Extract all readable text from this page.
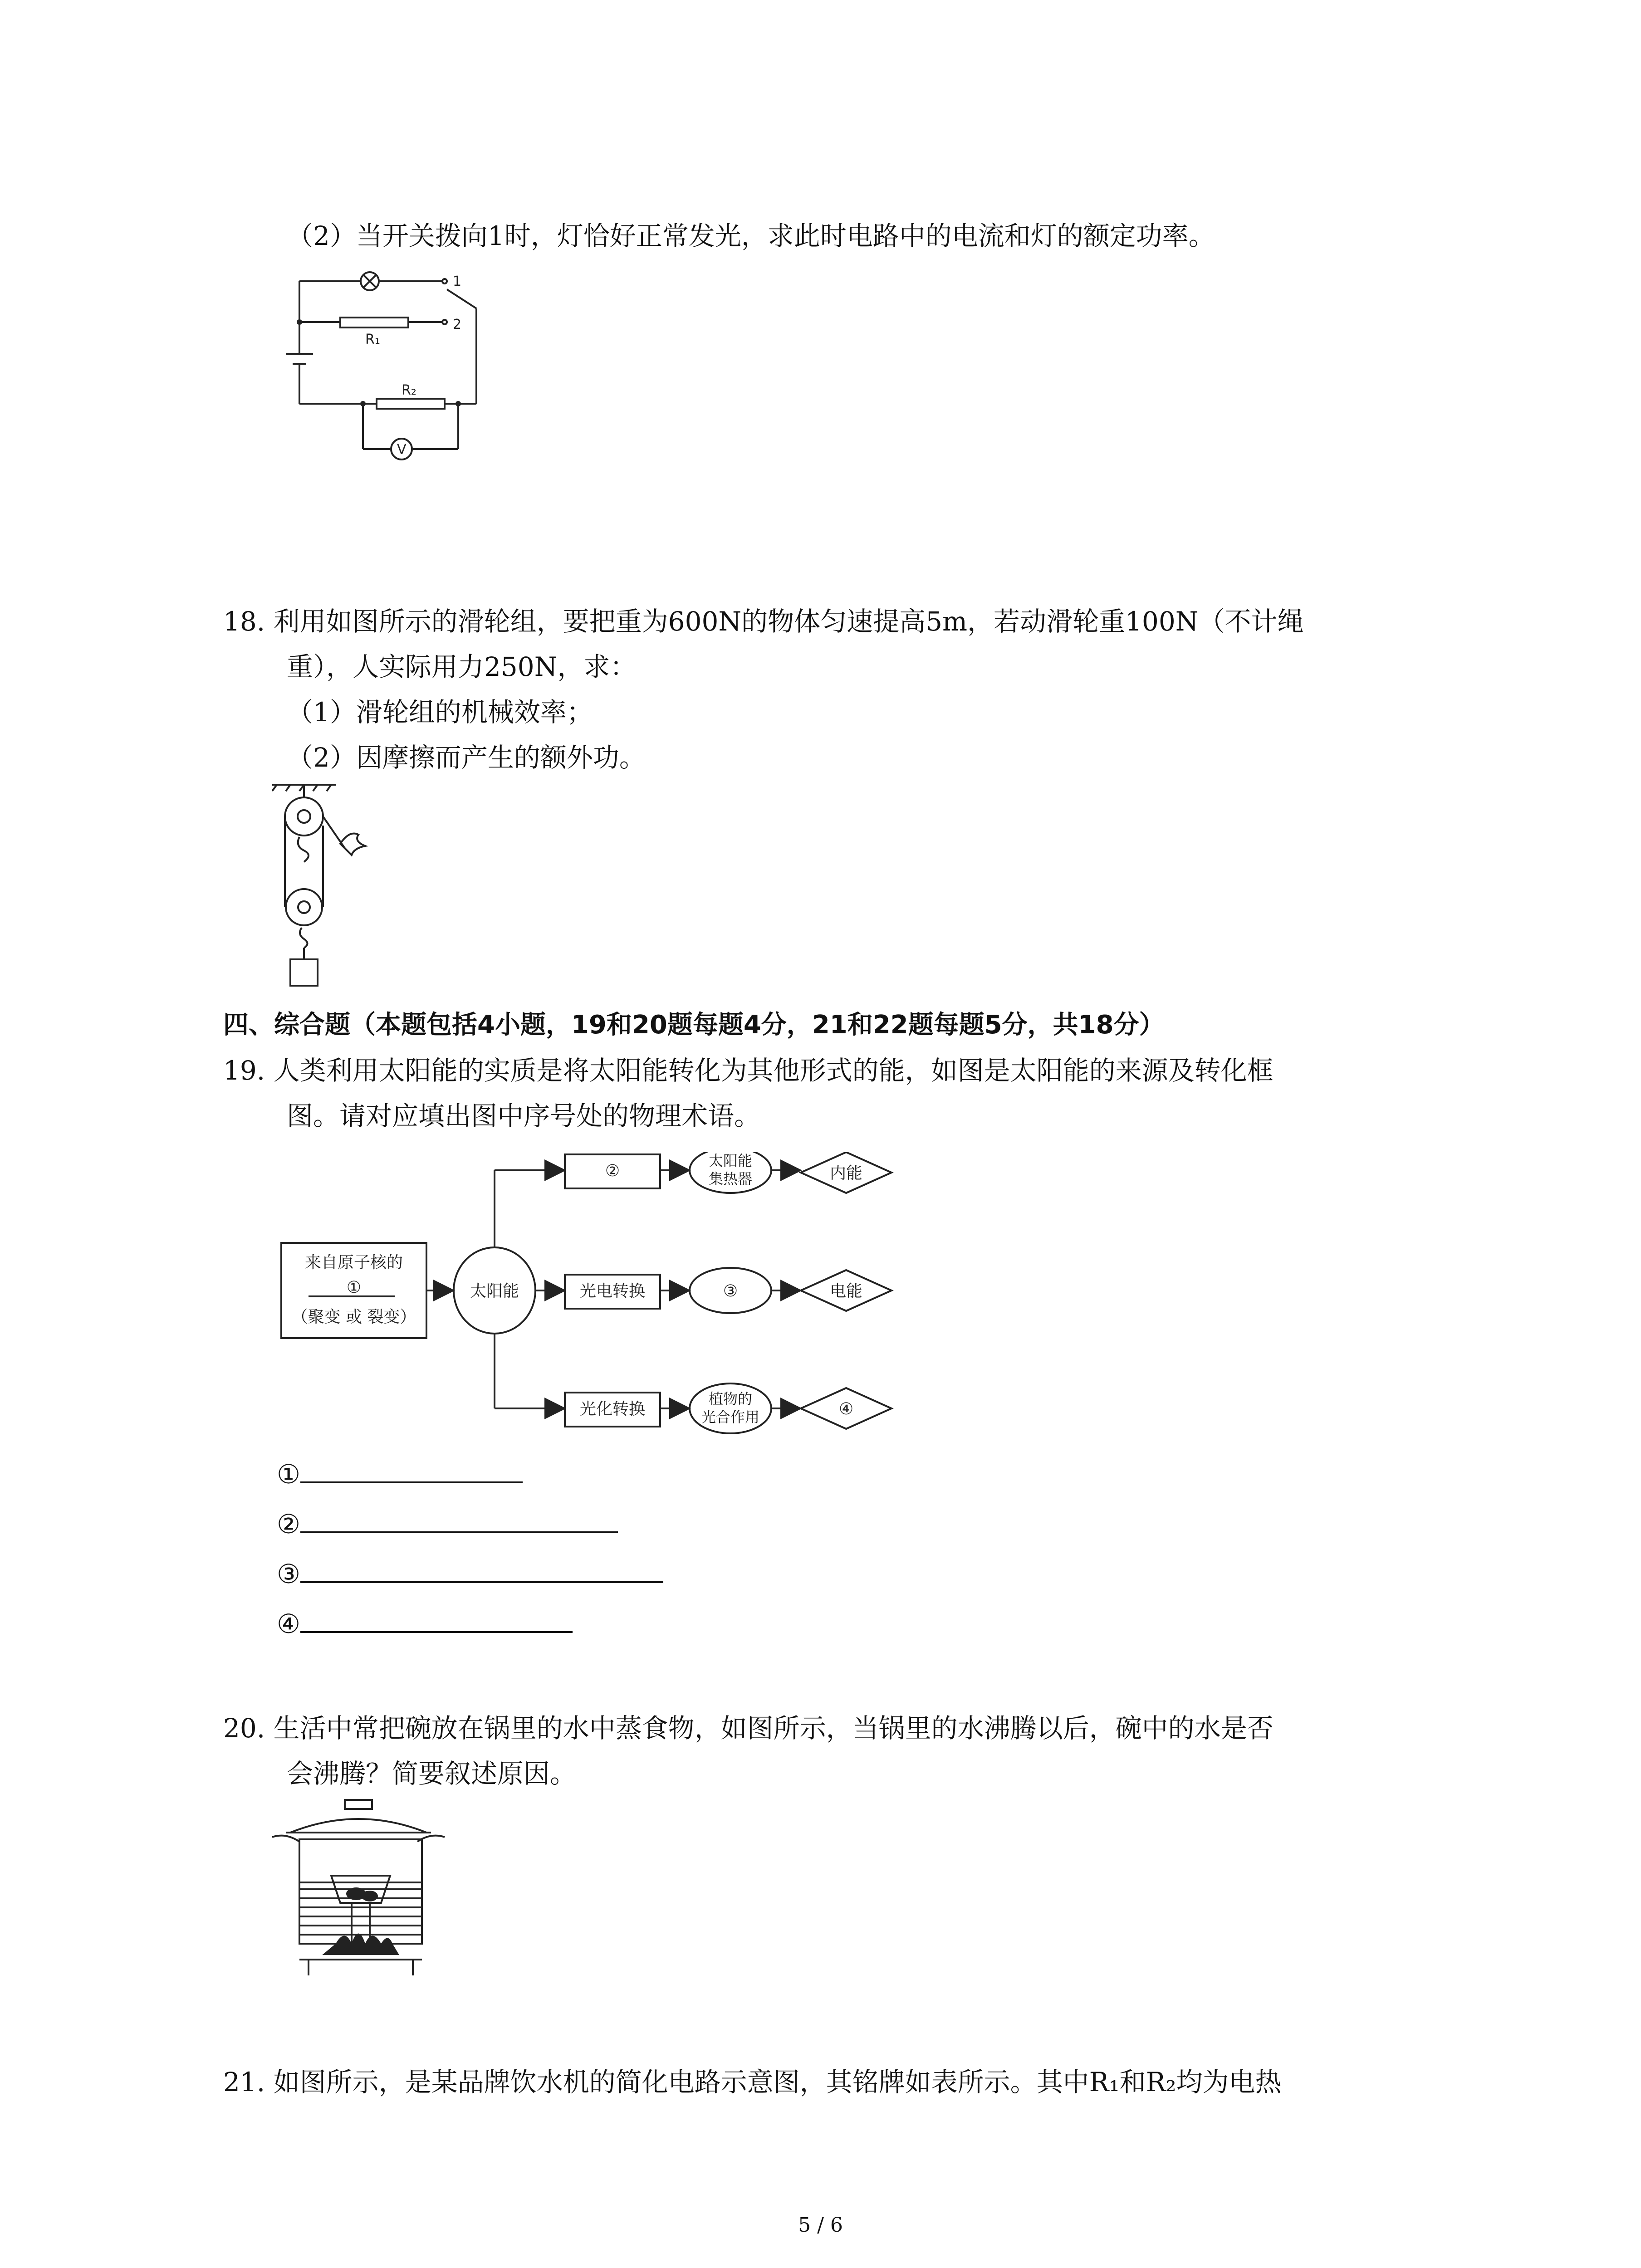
（2）当开关拨向1时，灯恰好正常发光，求此时电路中的电流和灯的额定功率。
1
2
R₁
R₂
V
18. 利用如图所示的滑轮组，要把重为600N的物体匀速提高5m，若动滑轮重100N（不计绳
重），人实际用力250N，求：
（1）滑轮组的机械效率；
（2）因摩擦而产生的额外功。
四、综合题（本题包括4小题，19和20题每题4分，21和22题每题5分，共18分）
19. 人类利用太阳能的实质是将太阳能转化为其他形式的能，如图是太阳能的来源及转化框
图。请对应填出图中序号处的物理术语。
来自原子核的
①
（聚变 或 裂变）
太阳能
②
太阳能
集热器	内能
光电转换	③	电能
光化转换
植物的
光合作用	④
①
②
③
④
20. 生活中常把碗放在锅里的水中蒸食物，如图所示，当锅里的水沸腾以后，碗中的水是否
会沸腾？简要叙述原因。
21. 如图所示，是某品牌饮水机的简化电路示意图，其铭牌如表所示。其中R₁和R₂均为电热
5 / 6
